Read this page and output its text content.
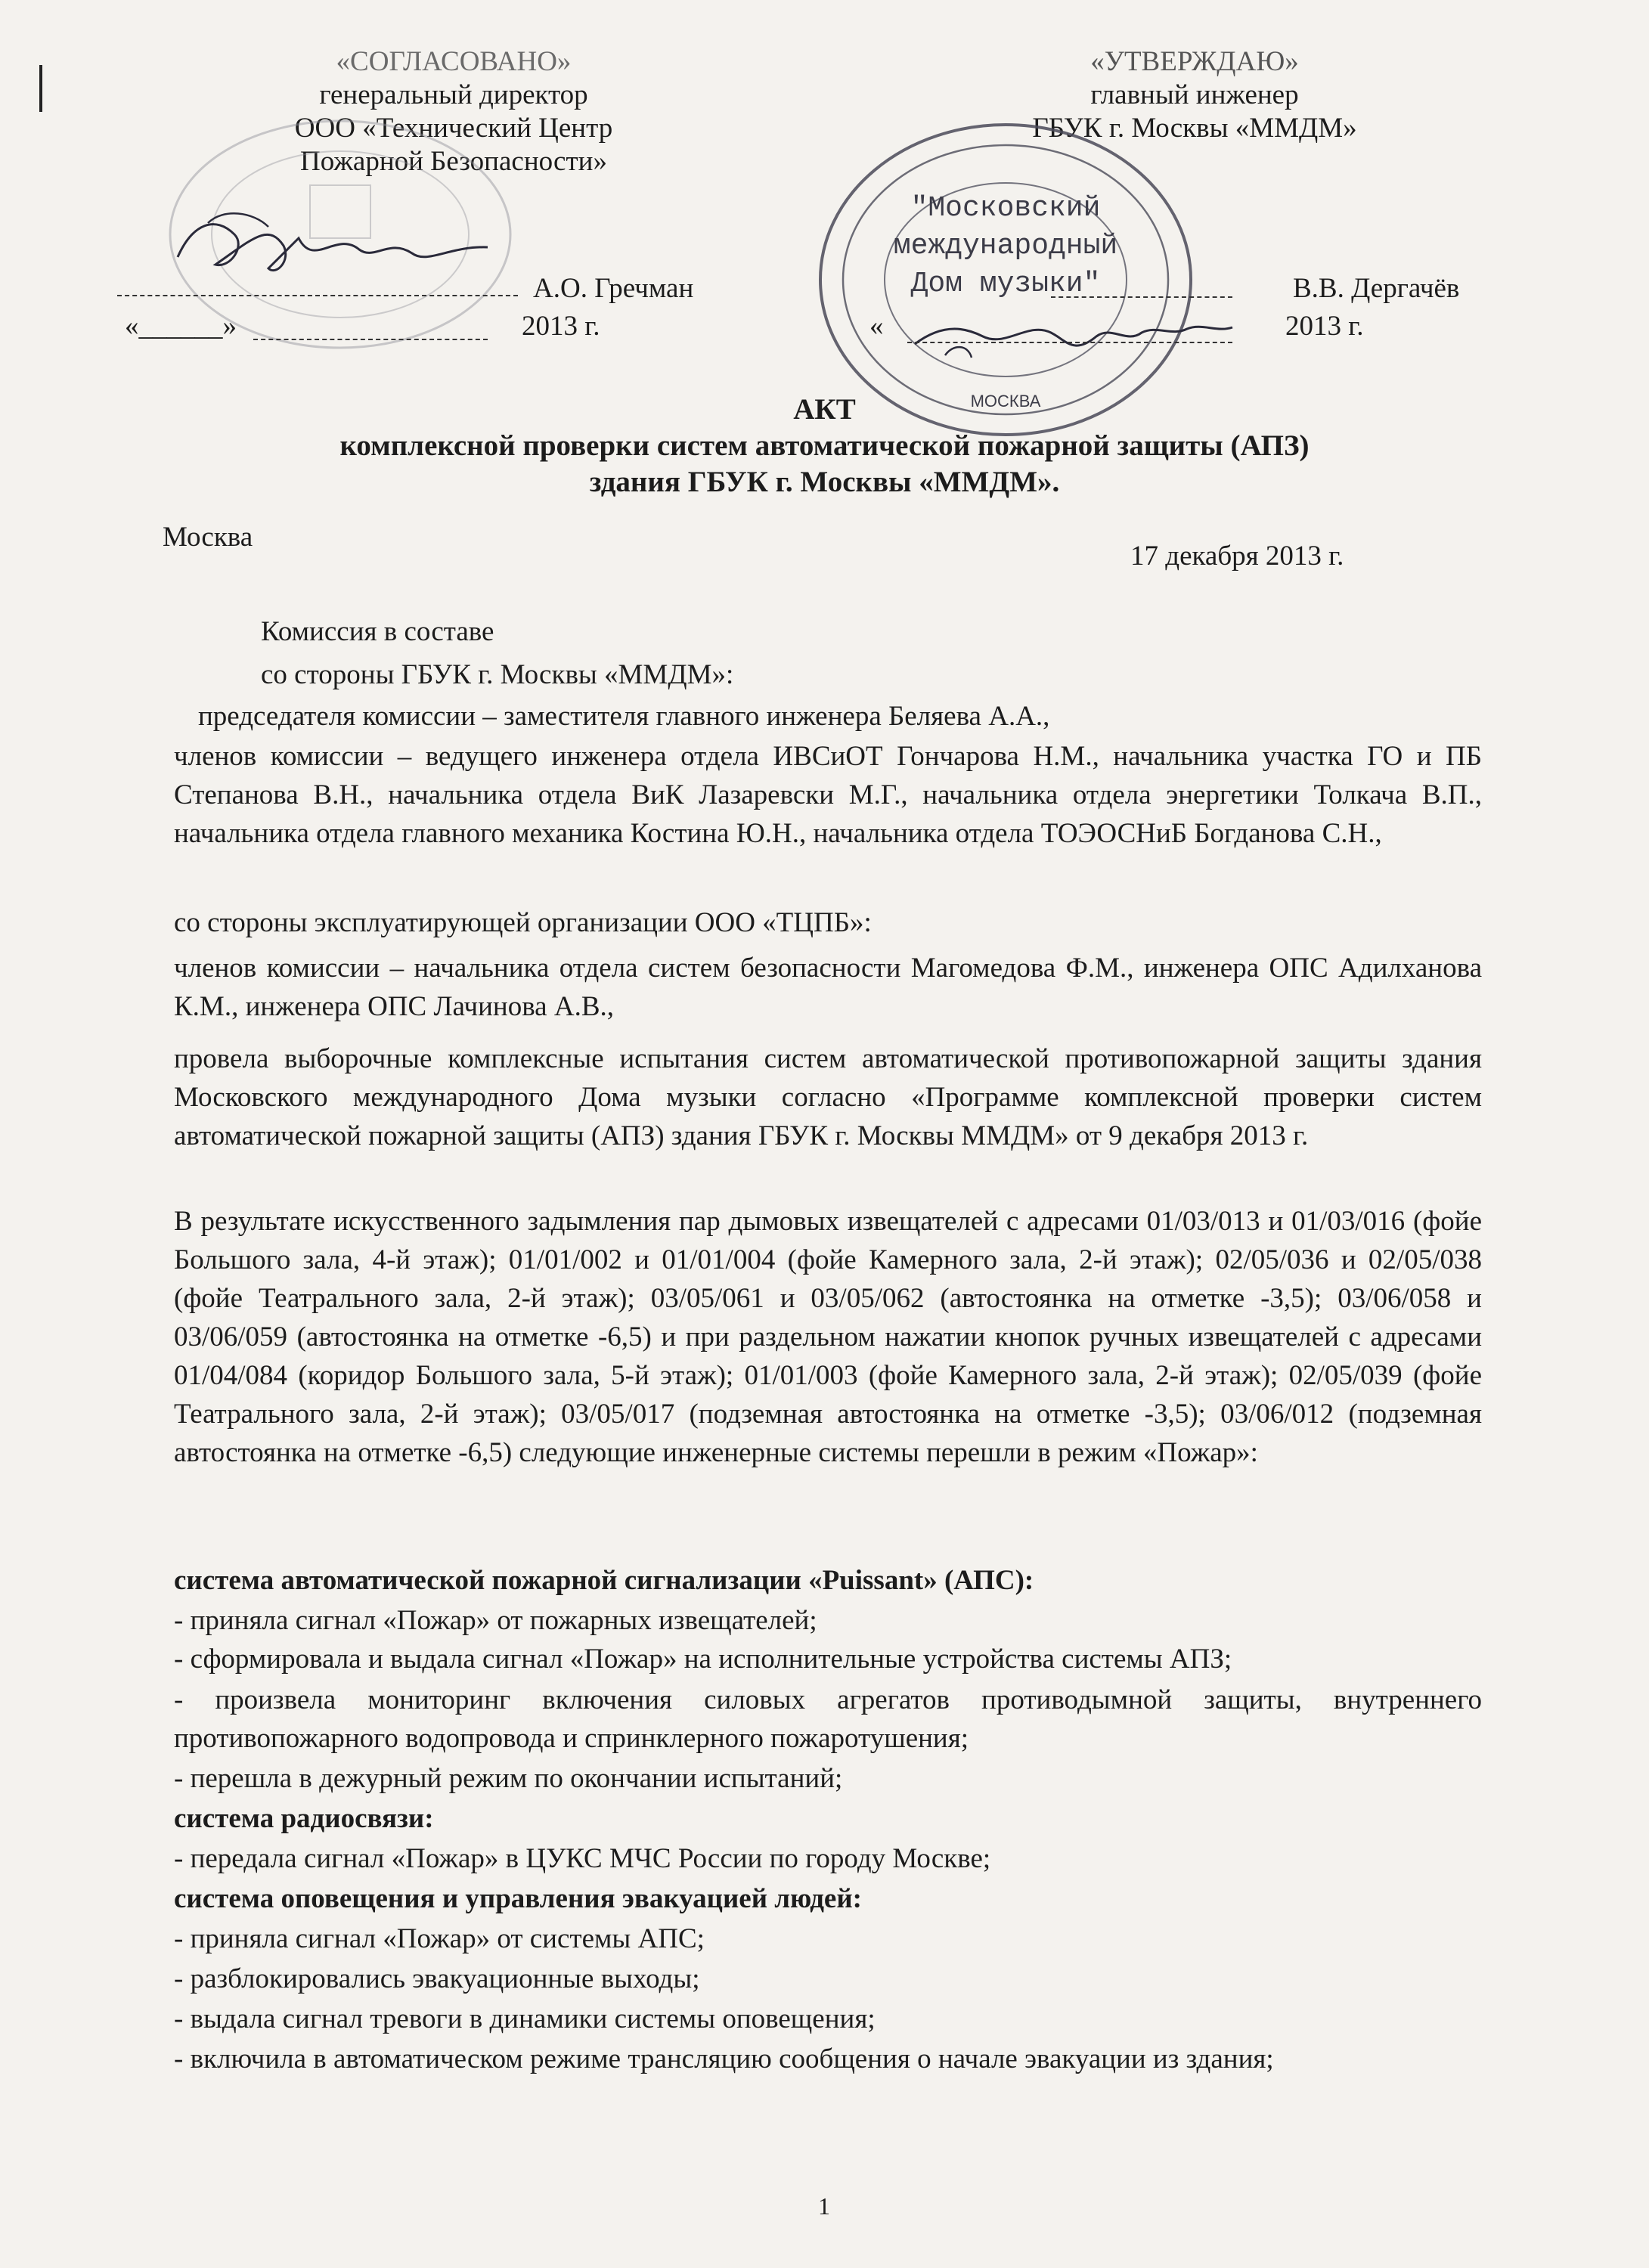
«СОГЛАСОВАНО»
генеральный директор
ООО «Технический Центр
Пожарной Безопасности»
А.О. Гречман
«______»	2013 г.
«УТВЕРЖДАЮ»
главный инженер
ГБУК г. Москвы «ММДМ»
"Московский
международный
Дом музыки"
МОСКВА
В.В. Дергачёв
«	2013 г.
АКТ
комплексной проверки систем автоматической пожарной защиты (АПЗ)
здания ГБУК г. Москвы «ММДМ».
Москва
17 декабря 2013 г.
Комиссия в составе
со стороны ГБУК г. Москвы «ММДМ»:
председателя комиссии – заместителя главного инженера Беляева А.А.,
членов комиссии – ведущего инженера отдела ИВСиОТ Гончарова Н.М., начальника участка ГО и ПБ Степанова В.Н., начальника отдела ВиК Лазаревски М.Г., начальника отдела энергетики Толкача В.П., начальника отдела главного механика Костина Ю.Н., начальника отдела ТОЭОСНиБ Богданова С.Н.,
со стороны эксплуатирующей организации ООО «ТЦПБ»:
членов комиссии – начальника отдела систем безопасности Магомедова Ф.М., инженера ОПС Адилханова К.М., инженера ОПС Лачинова А.В.,
провела выборочные комплексные испытания систем автоматической противопожарной защиты здания Московского международного Дома музыки согласно «Программе комплексной проверки систем автоматической пожарной защиты (АПЗ) здания ГБУК г. Москвы ММДМ» от 9 декабря 2013 г.
В результате искусственного задымления пар дымовых извещателей с адресами 01/03/013 и 01/03/016 (фойе Большого зала, 4-й этаж); 01/01/002 и 01/01/004 (фойе Камерного зала, 2-й этаж); 02/05/036 и 02/05/038 (фойе Театрального зала, 2-й этаж); 03/05/061 и 03/05/062 (автостоянка на отметке -3,5); 03/06/058 и 03/06/059 (автостоянка на отметке -6,5) и при раздельном нажатии кнопок ручных извещателей с адресами 01/04/084 (коридор Большого зала, 5-й этаж); 01/01/003 (фойе Камерного зала, 2-й этаж); 02/05/039 (фойе Театрального зала, 2-й этаж); 03/05/017 (подземная автостоянка на отметке -3,5); 03/06/012 (подземная автостоянка на отметке -6,5) следующие инженерные системы перешли в режим «Пожар»:
система автоматической пожарной сигнализации «Puissant» (АПС):
- приняла сигнал «Пожар» от пожарных извещателей;
- сформировала и выдала сигнал «Пожар» на исполнительные устройства системы АПЗ;
- произвела мониторинг включения силовых агрегатов противодымной защиты, внутреннего противопожарного водопровода и спринклерного пожаротушения;
- перешла в дежурный режим по окончании испытаний;
система радиосвязи:
- передала сигнал «Пожар» в ЦУКС МЧС России по городу Москве;
система оповещения и управления эвакуацией людей:
- приняла сигнал «Пожар» от системы АПС;
- разблокировались эвакуационные выходы;
- выдала сигнал тревоги в динамики системы оповещения;
- включила в автоматическом режиме трансляцию сообщения о начале эвакуации из здания;
1
